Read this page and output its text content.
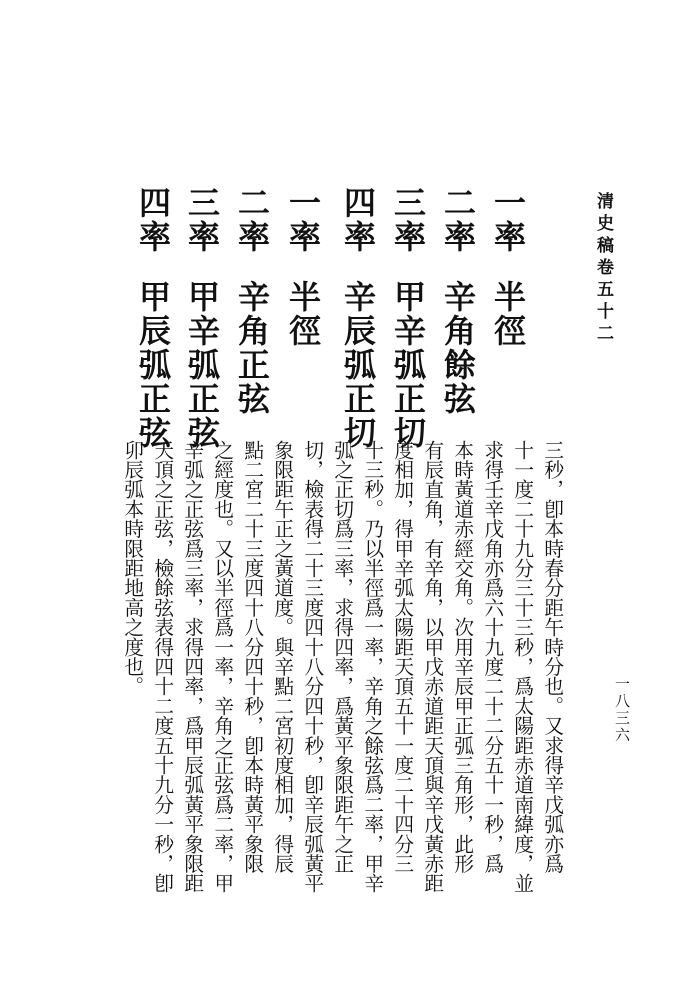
清史稿卷五十二
一八三六
一率半徑
二率辛角餘弦
三率甲辛弧正切
四率辛辰弧正切
一率半徑
二率辛角正弦
三率甲辛弧正弦
四率甲辰弧正弦
三秒，卽本時春分距午時分也。又求得辛戊弧亦爲
十一度二十九分三十三秒，爲太陽距赤道南緯度，並
求得壬辛戊角亦爲六十九度二十二分五十一秒，爲
本時黃道赤經交角。次用辛辰甲正弧三角形，此形
有辰直角，有辛角，以甲戊赤道距天頂與辛戊黃赤距
度相加，得甲辛弧太陽距天頂五十一度二十四分三
十三秒。乃以半徑爲一率，辛角之餘弦爲二率，甲辛
弧之正切爲三率，求得四率，爲黃平象限距午之正
切，檢表得二十三度四十八分四十秒，卽辛辰弧黃平
象限距午正之黃道度。與辛點二宮初度相加，得辰
點二宮二十三度四十八分四十秒，卽本時黃平象限
之經度也。又以半徑爲一率，辛角之正弦爲二率，甲
辛弧之正弦爲三率，求得四率，爲甲辰弧黃平象限距
天頂之正弦，檢餘弦表得四十二度五十九分一秒，卽
卯辰弧本時限距地高之度也。
